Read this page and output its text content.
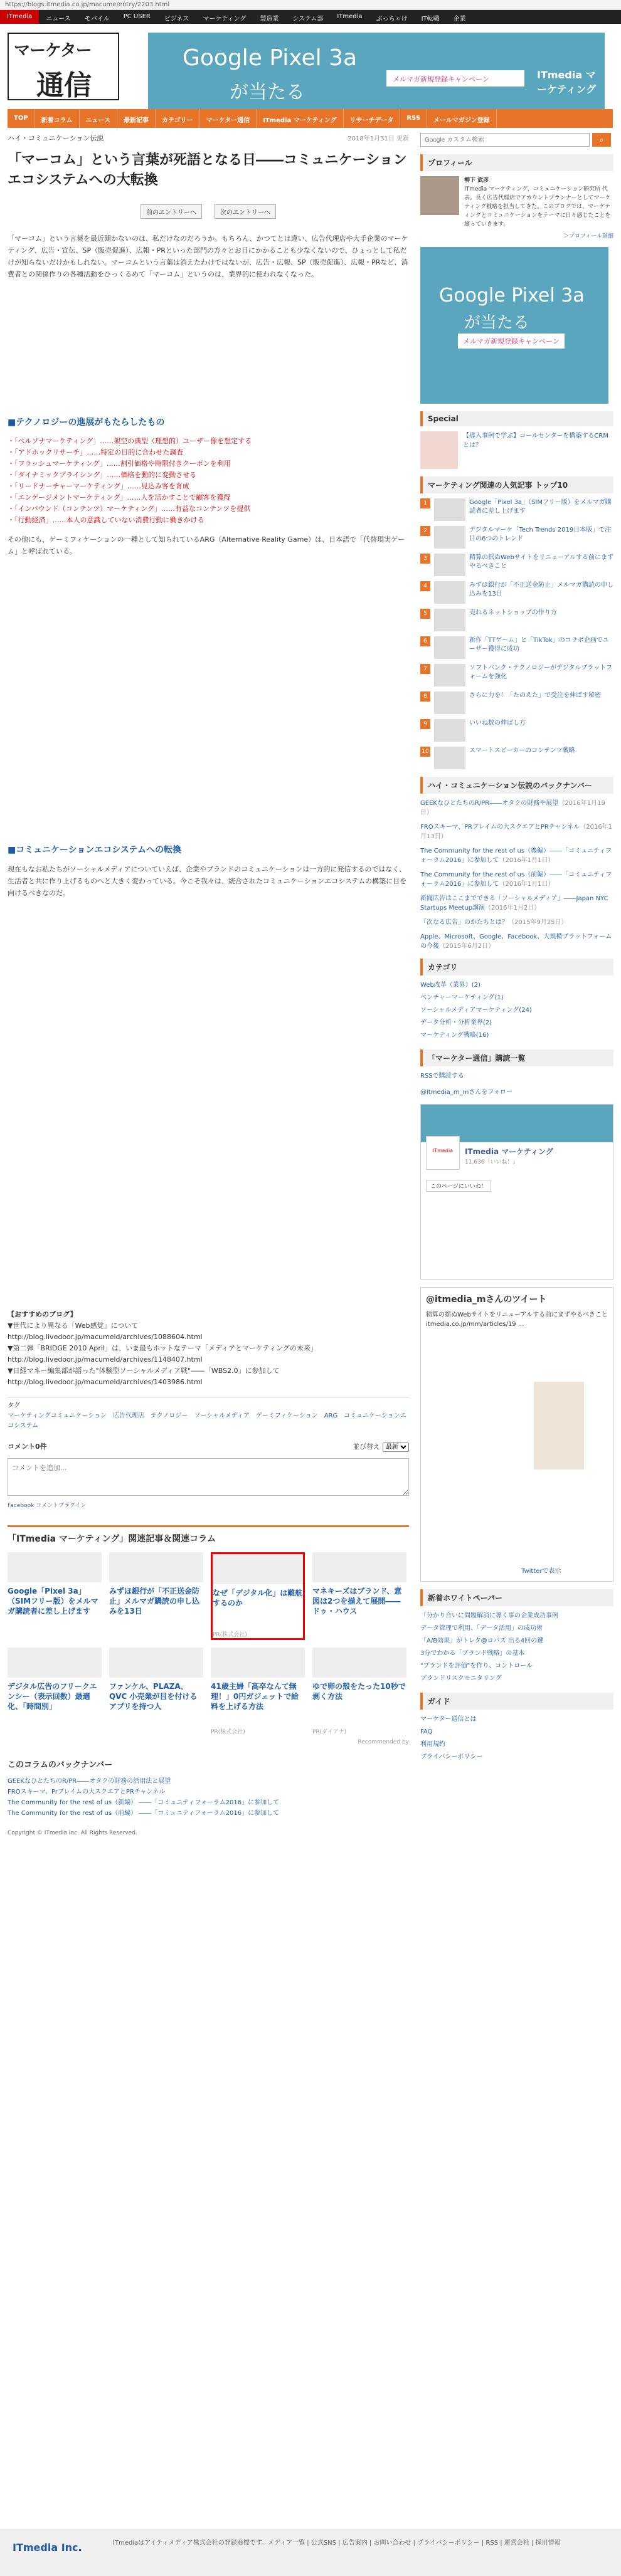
https://blogs.itmedia.co.jp/macume/entry/2203.html
ITmedia	ニュース	モバイル	PC USER	ビジネス	マーケティング	製造業	システム部	ITmedia	ぶっちゃけ	IT転職	企業
マーケター
通信
Google Pixel 3a
が当たる
メルマガ新規登録キャンペーン	ITmedia マーケティング
TOP	新着コラム	ニュース	最新記事	カテゴリー	マーケター通信	ITmedia マーケティング	リサーチデータ	RSS	メールマガジン登録
ハイ・コミュニケーション伝説	2018年1月31日 更新
「マーコム」という言葉が死語となる日――コミュニケーションエコシステムへの大転換
前のエントリーへ	次のエントリーへ

「マーコム」という言葉を最近聞かないのは、私だけなのだろうか。もちろん、かつてとは違い、広告代理店や大手企業のマーケティング、広告・宣伝、SP（販売促進）、広報・PRといった部門の方々とお目にかかることも少なくないので、ひょっとして私だけが知らないだけかもしれない。マーコムという言葉は消えたわけではないが、広告・広報、SP（販売促進）、広報・PRなど、消費者との関係作りの各種活動をひっくるめて「マーコム」というのは、業界的に使われなくなった。

■テクノロジーの進展がもたらしたもの
・「ペルソナマーケティング」……架空の典型（理想的）ユーザー像を想定する
・「アドホックリサーチ」……特定の目的に合わせた調査
・「フラッシュマーケティング」……割引価格や時限付きクーポンを利用
・「ダイナミックプライシング」……価格を動的に変動させる
・「リードナーチャーマーケティング」……見込み客を育成
・「エンゲージメントマーケティング」……人を活かすことで顧客を獲得
・「インバウンド（コンテンツ）マーケティング」……有益なコンテンツを提供
・「行動経済」……本人の意識していない消費行動に働きかける

その他にも、ゲーミフィケーションの一種として知られているARG（Alternative Reality Game）は、日本語で「代替現実ゲーム」と呼ばれている。

■コミュニケーションエコシステムへの転換

現在もなお私たちがソーシャルメディアについていえば、企業やブランドのコミュニケーションは一方的に発信するのではなく、生活者と共に作り上げるものへと大きく変わっている。今こそ我々は、統合されたコミュニケーションエコシステムの構築に目を向けるべきなのだ。

【おすすめのブログ】
▼世代により異なる「Web感覚」について
http://blog.livedoor.jp/macumeld/archives/1088604.html
▼第二弾「BRIDGE 2010 April」は、いま最もホットなテーマ「メディアとマーケティングの未来」
http://blog.livedoor.jp/macumeld/archives/1148407.html
▼日経マネー編集部が語った"体験型ソーシャルメディア戦"――「WBS2.0」に参加して
http://blog.livedoor.jp/macumeld/archives/1403986.html
タグ
マーケティングコミュニケーション　広告代理店　テクノロジー　ソーシャルメディア　ゲーミフィケーション　ARG　コミュニケーションエコシステム
コメント0件	並び替え
最新
コメントを追加...
Facebook コメントプラグイン
「ITmedia マーケティング」関連記事＆関連コラム
Google「Pixel 3a」（SIMフリー版）をメルマガ購読者に差し上げます
みずほ銀行が「不正送金防止」メルマガ購読の申し込みを13日
なぜ「デジタル化」は難航するのか
PR(株式会社)
マネキーズはブランド、意図は2つを揃えて展開――ドゥ・ハウス
デジタル広告のフリークエンシー（表示回数）最適化、「時間別」
ファンケル、PLAZA、QVC 小売業が目を付けるアプリを持つ人
41歳主婦「高卒なんて無理！」0円ガジェットで給料を上げる方法
PR(株式会社)
ゆで卵の殻をたった10秒で剥く方法
PR(ダイアナ)
Recommended by
このコラムのバックナンバー
GEEKなひとたちのR/PR――オタクの財務の活用法と展望
FROスキーマ、Prブレイムの大スクエアとPRチャンネル
The Community for the rest of us（新編） ――「コミュニティフォーラム2016」に参加して
The Community for the rest of us（前編） ――「コミュニティフォーラム2016」に参加して
Copyright © ITmedia Inc. All Rights Reserved.
Google カスタム検索
⌕
プロフィール
柳下 武彦
ITmedia マーケティング、コミュニケーション研究所 代表。長く広告代理店でアカウントプランナーとしてマーケティング戦略を担当してきた。このブログでは、マーケティングとコミュニケーションをテーマに日々感じたことを綴っていきます。
＞プロフィール詳細
Google Pixel 3a
が当たる
メルマガ新規登録キャンペーン
Special
【導入事例で学ぶ】コールセンターを構築するCRMとは？
マーケティング関連の人気記事 トップ10
1	Google「Pixel 3a」（SIMフリー版）をメルマガ購読者に差し上げます
2	デジタルマーケ「Tech Trends 2019日本版」で注目の6つのトレンド
3	精算の揺ぬWebサイトをリニューアルする前にまずやるべきこと
4	みずほ銀行が「不正送金防止」メルマガ購読の申し込みを13日
5	売れるネットショップの作り方
6	新作「TTゲーム」と「TikTok」のコラボ企画でユーザー獲得に成功
7	ソフトバンク・テクノロジーがデジタルプラットフォームを強化
8	さらに力を！「たのえた」で受注を伸ばす秘密
9	いいね数の伸ばし方
10	スマートスピーカーのコンテンツ戦略
ハイ・コミュニケーション伝説のバックナンバー
GEEKなひとたちのR/PR――オタクの財務や展望（2016年1月19日）
FROスキーマ、PRブレイムの大スクエアとPRチャンネル（2016年1月13日）
The Community for the rest of us（後編）――「コミュニティフォーラム2016」に参加して（2016年1月1日）
The Community for the rest of us（前編）――「コミュニティフォーラム2016」に参加して（2016年1月1日）
新聞広告はここまでできる「ソーシャルメディア」――Japan NYC Startups Meetup講演（2016年1月2日）
「次なる広告」のかたちとは？（2015年9月25日）
Apple、Microsoft、Google、Facebook、大規模プラットフォームの今後（2015年6月2日）
カテゴリ
Web改革（業界）(2)
ベンチャーマーケティング(1)
ソーシャルメディアマーケティング(24)
データ分析・分析業界(2)
マーケティング戦略(16)
「マーケター通信」購読一覧
RSSで購読する
@itmedia_m_mさんをフォロー
ITmedia	ITmedia マーケティング
11,636「いいね！」
このページにいいね！
@itmedia_mさんのツイート
精算の揺ぬWebサイトをリニューアルする前にまずやるべきこと itmedia.co.jp/mm/articles/19 ...
Twitterで表示
新着ホワイトペーパー
「分かり合いに問題解消に導く事の企業成功事例
データ管理で利用、「データ活用」の成功術
「A/B効果」がトレタ@ロバズ 出る4回の鍵
3分でわかる「ブランド戦略」の基本
"ブランドを評価"を作り、コントロール
ブランドリスクモニタリング
ガイド
マーケター通信とは
FAQ
利用規約
プライバシーポリシー
ITmedia Inc.	ITmediaはアイティメディア株式会社の登録商標です。メディア一覧 | 公式SNS | 広告案内 | お問い合わせ | プライバシーポリシー | RSS | 運営会社 | 採用情報
